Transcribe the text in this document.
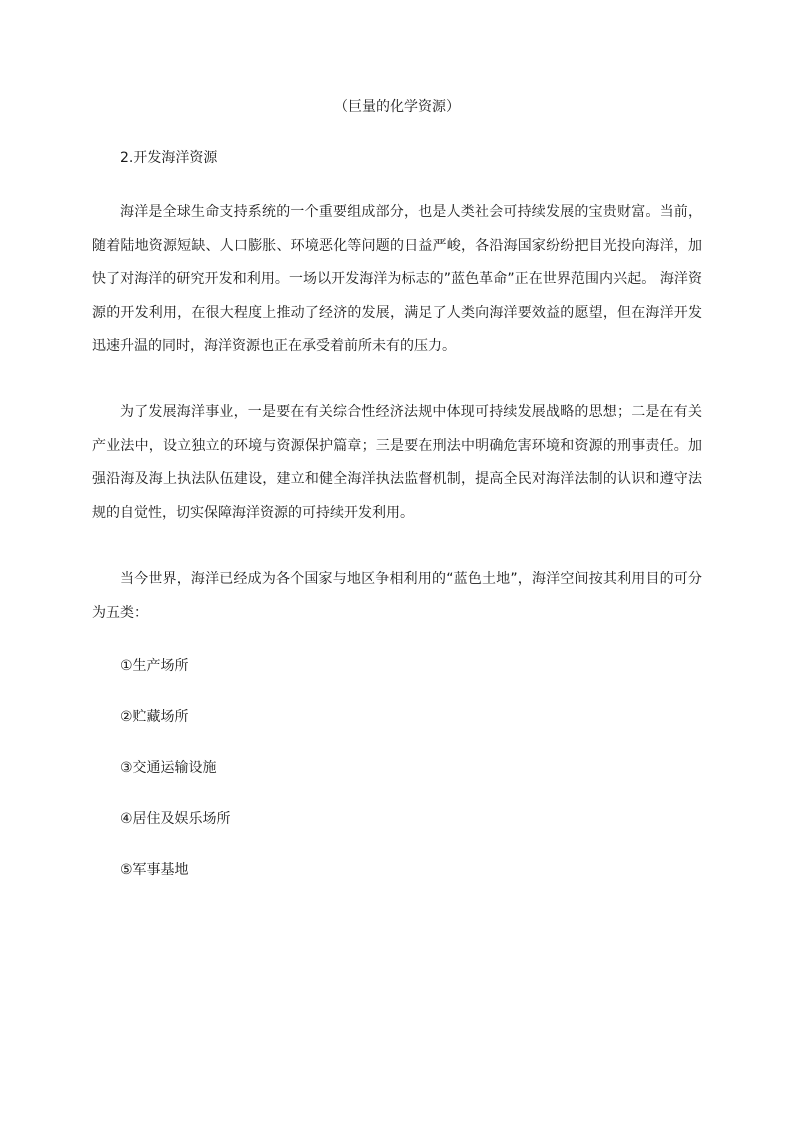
（巨量的化学资源）
2.开发海洋资源

海洋是全球生命支持系统的一个重要组成部分，也是人类社会可持续发展的宝贵财富。当前，随着陆地资源短缺、人口膨胀、环境恶化等问题的日益严峻，各沿海国家纷纷把目光投向海洋，加快了对海洋的研究开发和利用。一场以开发海洋为标志的”蓝色革命”正在世界范围内兴起。 海洋资源的开发利用，在很大程度上推动了经济的发展，满足了人类向海洋要效益的愿望，但在海洋开发迅速升温的同时，海洋资源也正在承受着前所未有的压力。

为了发展海洋事业，一是要在有关综合性经济法规中体现可持续发展战略的思想；二是在有关产业法中，设立独立的环境与资源保护篇章；三是要在刑法中明确危害环境和资源的刑事责任。加强沿海及海上执法队伍建设，建立和健全海洋执法监督机制，提高全民对海洋法制的认识和遵守法规的自觉性，切实保障海洋资源的可持续开发利用。

当今世界，海洋已经成为各个国家与地区争相利用的“蓝色土地”，海洋空间按其利用目的可分为五类：

①生产场所
②贮藏场所
③交通运输设施
④居住及娱乐场所
⑤军事基地
